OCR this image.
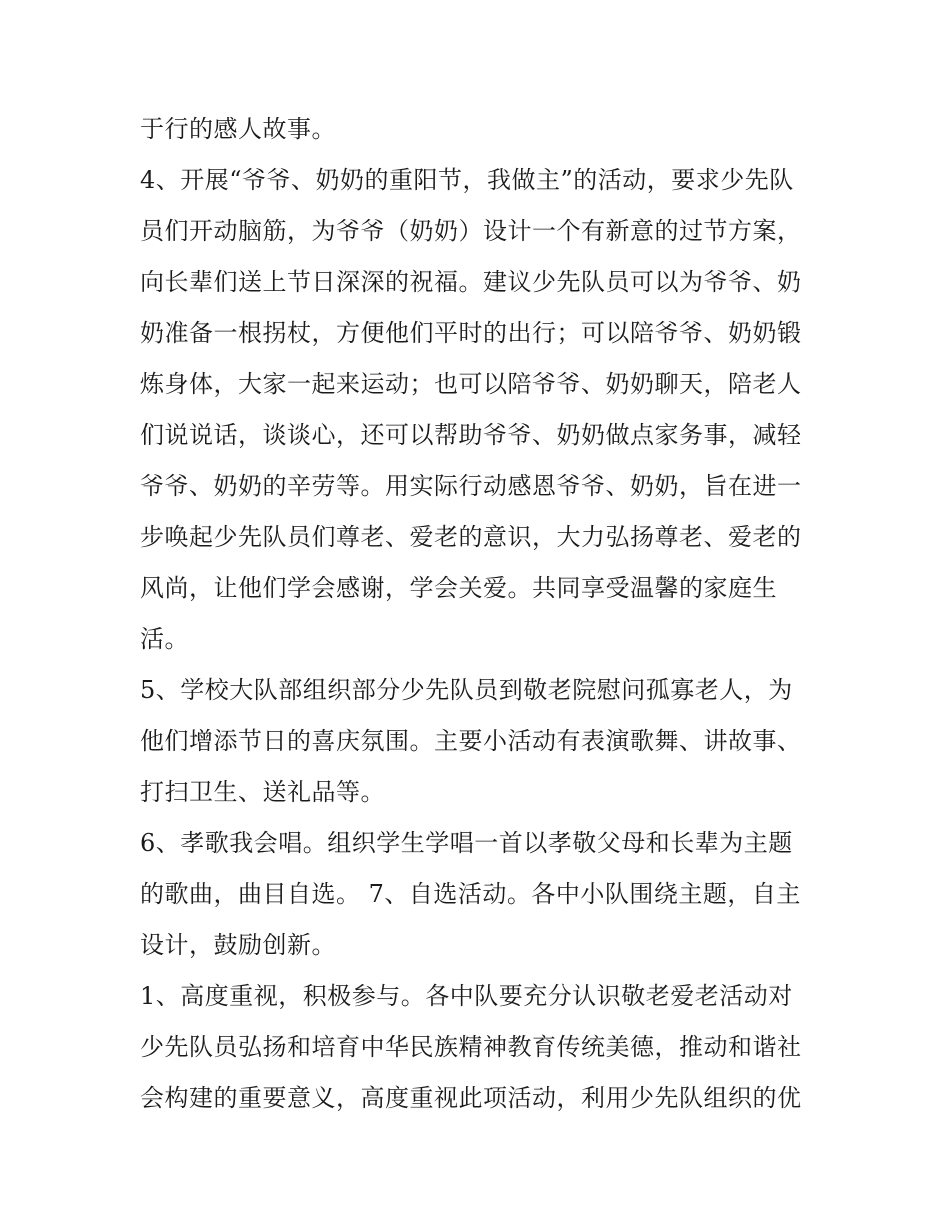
于行的感人故事。
4、开展“爷爷、奶奶的重阳节，我做主”的活动，要求少先队
员们开动脑筋，为爷爷（奶奶）设计一个有新意的过节方案，
向长辈们送上节日深深的祝福。建议少先队员可以为爷爷、奶
奶准备一根拐杖，方便他们平时的出行；可以陪爷爷、奶奶锻
炼身体，大家一起来运动；也可以陪爷爷、奶奶聊天，陪老人
们说说话，谈谈心，还可以帮助爷爷、奶奶做点家务事，减轻
爷爷、奶奶的辛劳等。用实际行动感恩爷爷、奶奶，旨在进一
步唤起少先队员们尊老、爱老的意识，大力弘扬尊老、爱老的
风尚，让他们学会感谢，学会关爱。共同享受温馨的家庭生
活。
5、学校大队部组织部分少先队员到敬老院慰问孤寡老人，为
他们增添节日的喜庆氛围。主要小活动有表演歌舞、讲故事、
打扫卫生、送礼品等。
6、孝歌我会唱。组织学生学唱一首以孝敬父母和长辈为主题
的歌曲，曲目自选。 7、自选活动。各中小队围绕主题，自主
设计，鼓励创新。
1、高度重视，积极参与。各中队要充分认识敬老爱老活动对
少先队员弘扬和培育中华民族精神教育传统美德，推动和谐社
会构建的重要意义，高度重视此项活动，利用少先队组织的优
